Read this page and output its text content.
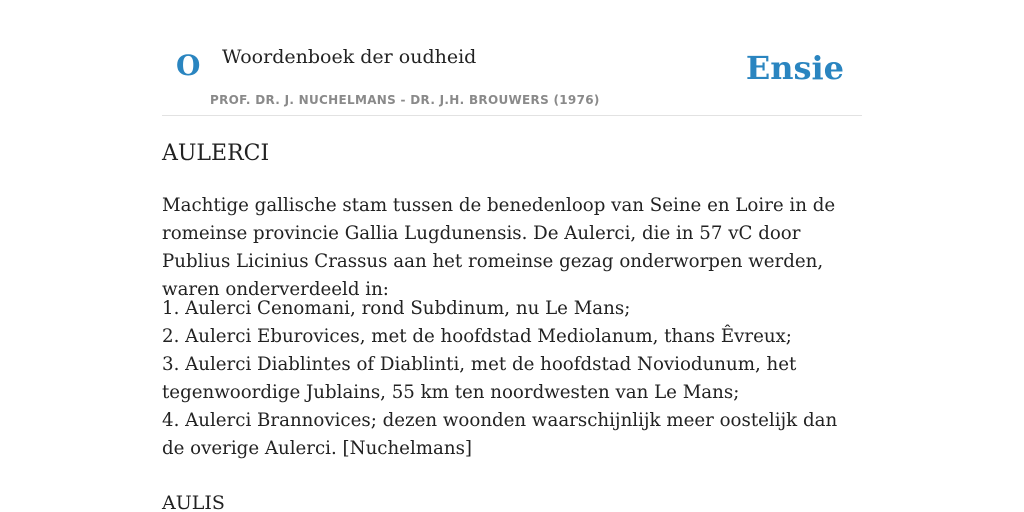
O Woordenboek der oudheid
PROF. DR. J. NUCHELMANS - DR. J.H. BROUWERS (1976)
Ensie
AULERCI
Machtige gallische stam tussen de benedenloop van Seine en Loire in de romeinse provincie Gallia Lugdunensis. De Aulerci, die in 57 vC door Publius Licinius Crassus aan het romeinse gezag onderworpen werden, waren onderverdeeld in:
1. Aulerci Cenomani, rond Subdinum, nu Le Mans;
2. Aulerci Eburovices, met de hoofdstad Mediolanum, thans Êvreux;
3. Aulerci Diablintes of Diablinti, met de hoofdstad Noviodunum, het tegenwoordige Jublains, 55 km ten noordwesten van Le Mans;
4. Aulerci Brannovices; dezen woonden waarschijnlijk meer oostelijk dan de overige Aulerci. [Nuchelmans]
AULIS
